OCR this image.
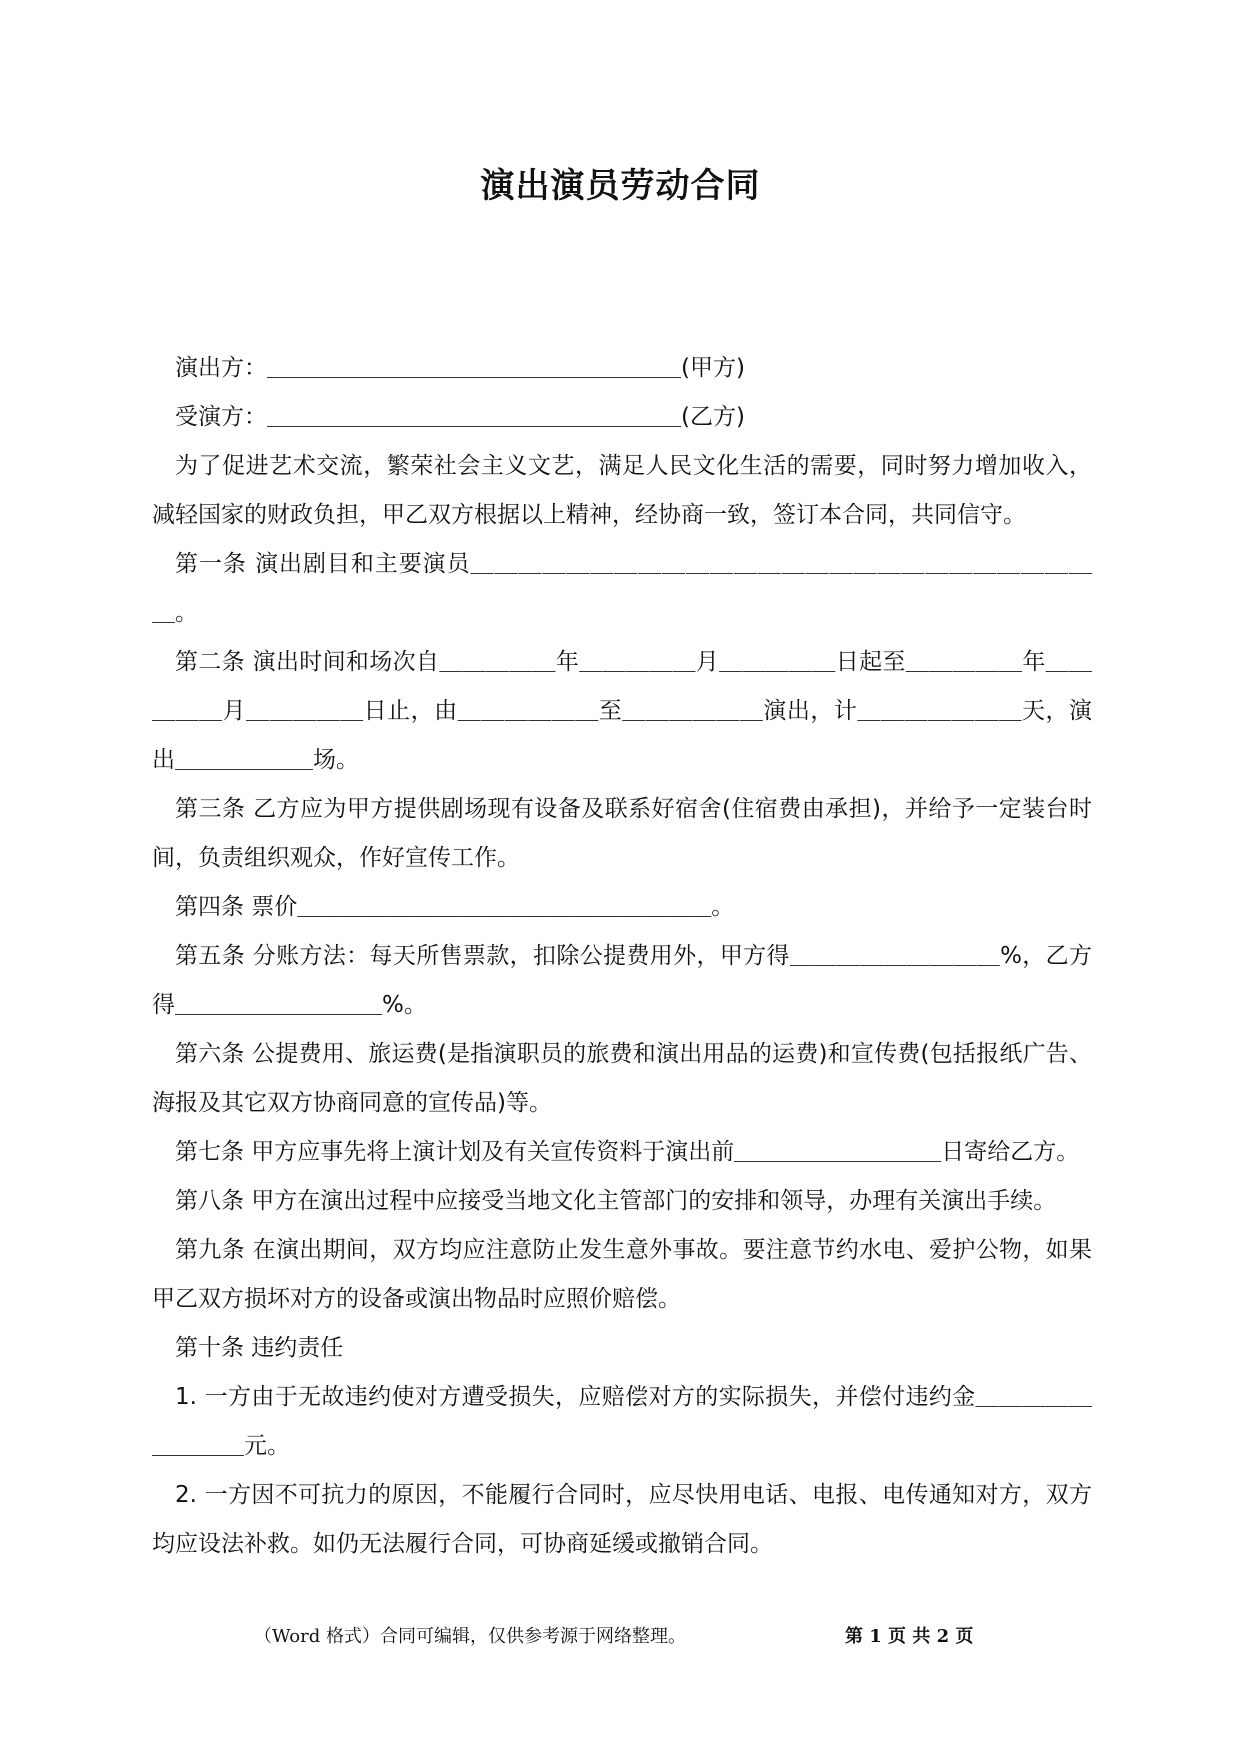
演出演员劳动合同

演出方：＿＿＿＿＿＿＿＿＿＿＿＿＿＿＿＿＿＿(甲方)

受演方：＿＿＿＿＿＿＿＿＿＿＿＿＿＿＿＿＿＿(乙方)

为了促进艺术交流，繁荣社会主义文艺，满足人民文化生活的需要，同时努力增加收入，减轻国家的财政负担，甲乙双方根据以上精神，经协商一致，签订本合同，共同信守。

第一条 演出剧目和主要演员＿＿＿＿＿＿＿＿＿＿＿＿＿＿＿＿＿＿＿＿＿＿＿＿＿＿＿。

第二条 演出时间和场次自＿＿＿＿＿年＿＿＿＿＿月＿＿＿＿＿日起至＿＿＿＿＿年＿＿＿＿＿月＿＿＿＿＿日止，由＿＿＿＿＿＿至＿＿＿＿＿＿演出，计＿＿＿＿＿＿＿天，演出＿＿＿＿＿＿场。

第三条 乙方应为甲方提供剧场现有设备及联系好宿舍(住宿费由承担)，并给予一定装台时间，负责组织观众，作好宣传工作。

第四条 票价＿＿＿＿＿＿＿＿＿＿＿＿＿＿＿＿＿＿。

第五条 分账方法：每天所售票款，扣除公提费用外，甲方得＿＿＿＿＿＿＿＿＿%，乙方得＿＿＿＿＿＿＿＿＿%。

第六条 公提费用、旅运费(是指演职员的旅费和演出用品的运费)和宣传费(包括报纸广告、海报及其它双方协商同意的宣传品)等。

第七条 甲方应事先将上演计划及有关宣传资料于演出前＿＿＿＿＿＿＿＿＿日寄给乙方。

第八条 甲方在演出过程中应接受当地文化主管部门的安排和领导，办理有关演出手续。

第九条 在演出期间，双方均应注意防止发生意外事故。要注意节约水电、爱护公物，如果甲乙双方损坏对方的设备或演出物品时应照价赔偿。

第十条 违约责任

1. 一方由于无故违约使对方遭受损失，应赔偿对方的实际损失，并偿付违约金＿＿＿＿＿＿＿＿＿元。

2. 一方因不可抗力的原因，不能履行合同时，应尽快用电话、电报、电传通知对方，双方均应设法补救。如仍无法履行合同，可协商延缓或撤销合同。

（Word 格式）合同可编辑，仅供参考源于网络整理。	第 1 页 共 2 页
